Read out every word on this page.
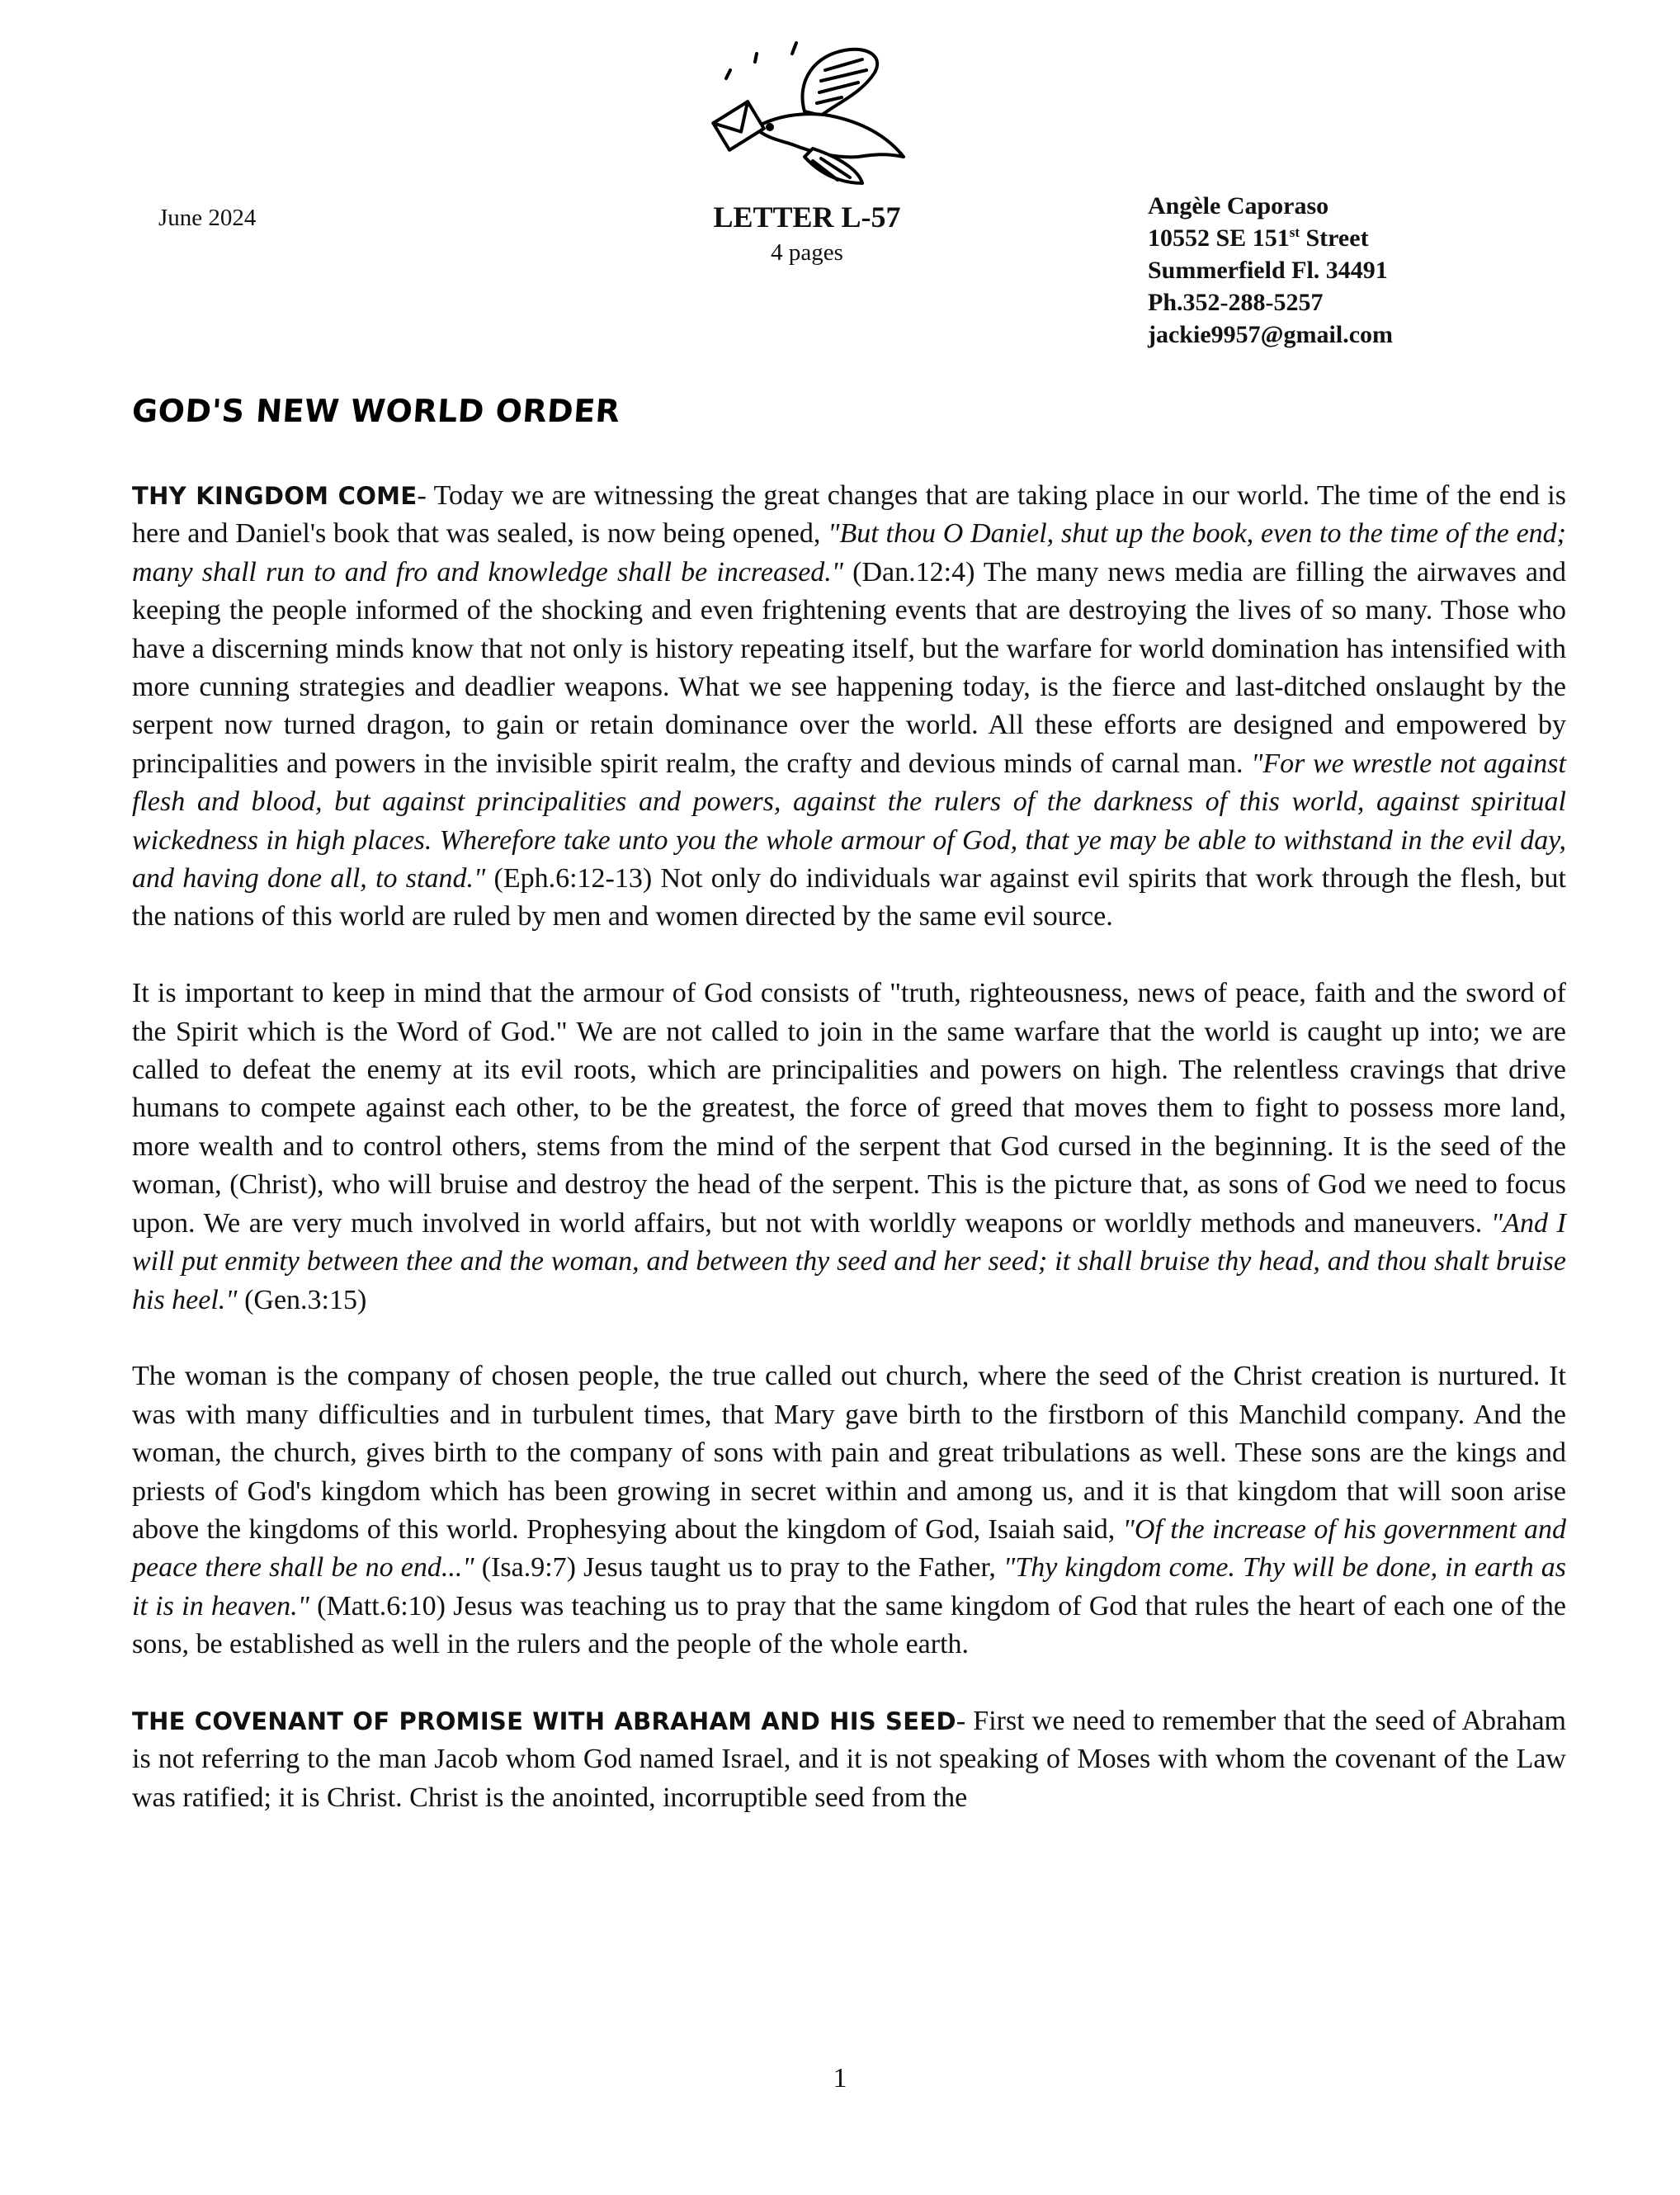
June 2024	LETTER L-57
4 pages
Angèle Caporaso
10552 SE 151st Street
Summerfield Fl. 34491
Ph.352-288-5257
jackie9957@gmail.com
GOD'S NEW WORLD ORDER

THY KINGDOM COME- Today we are witnessing the great changes that are taking place in our world. The time of the end is here and Daniel's book that was sealed, is now being opened, "But thou O Daniel, shut up the book, even to the time of the end; many shall run to and fro and knowledge shall be increased." (Dan.12:4) The many news media are filling the airwaves and keeping the people informed of the shocking and even frightening events that are destroying the lives of so many. Those who have a discerning minds know that not only is history repeating itself, but the warfare for world domination has intensified with more cunning strategies and deadlier weapons. What we see happening today, is the fierce and last-ditched onslaught by the serpent now turned dragon, to gain or retain dominance over the world. All these efforts are designed and empowered by principalities and powers in the invisible spirit realm, the crafty and devious minds of carnal man. "For we wrestle not against flesh and blood, but against principalities and powers, against the rulers of the darkness of this world, against spiritual wickedness in high places. Wherefore take unto you the whole armour of God, that ye may be able to withstand in the evil day, and having done all, to stand." (Eph.6:12-13) Not only do individuals war against evil spirits that work through the flesh, but the nations of this world are ruled by men and women directed by the same evil source.

It is important to keep in mind that the armour of God consists of "truth, righteousness, news of peace, faith and the sword of the Spirit which is the Word of God." We are not called to join in the same warfare that the world is caught up into; we are called to defeat the enemy at its evil roots, which are principalities and powers on high. The relentless cravings that drive humans to compete against each other, to be the greatest, the force of greed that moves them to fight to possess more land, more wealth and to control others, stems from the mind of the serpent that God cursed in the beginning. It is the seed of the woman, (Christ), who will bruise and destroy the head of the serpent. This is the picture that, as sons of God we need to focus upon. We are very much involved in world affairs, but not with worldly weapons or worldly methods and maneuvers. "And I will put enmity between thee and the woman, and between thy seed and her seed; it shall bruise thy head, and thou shalt bruise his heel." (Gen.3:15)

The woman is the company of chosen people, the true called out church, where the seed of the Christ creation is nurtured. It was with many difficulties and in turbulent times, that Mary gave birth to the firstborn of this Manchild company. And the woman, the church, gives birth to the company of sons with pain and great tribulations as well. These sons are the kings and priests of God's kingdom which has been growing in secret within and among us, and it is that kingdom that will soon arise above the kingdoms of this world. Prophesying about the kingdom of God, Isaiah said, "Of the increase of his government and peace there shall be no end..." (Isa.9:7) Jesus taught us to pray to the Father, "Thy kingdom come. Thy will be done, in earth as it is in heaven." (Matt.6:10) Jesus was teaching us to pray that the same kingdom of God that rules the heart of each one of the sons, be established as well in the rulers and the people of the whole earth.

THE COVENANT OF PROMISE WITH ABRAHAM AND HIS SEED- First we need to remember that the seed of Abraham is not referring to the man Jacob whom God named Israel, and it is not speaking of Moses with whom the covenant of the Law was ratified; it is Christ. Christ is the anointed, incorruptible seed from the

1
